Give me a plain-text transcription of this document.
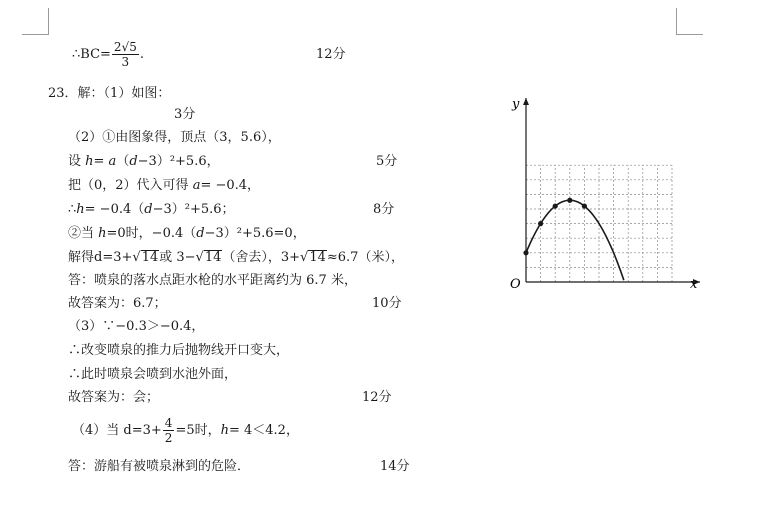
∴BC= $\frac{2√5}{3}$ .	12分
23．解：（1）如图：
3分
（2）①由图象得，顶点（3，5.6），
设 h= a（d−3）²+5.6，	5分
把（0，2）代入可得 a= −0.4，
∴h= −0.4（d−3）²+5.6；	8分
②当 h=0时，−0.4（d−3）²+5.6=0，
解得d=3+√14或 3−√14（舍去），3+√14≈6.7（米），
答：喷泉的落水点距水枪的水平距离约为 6.7 米，
故答案为：6.7；	10分
（3）∵−0.3＞−0.4，
∴改变喷泉的推力后抛物线开口变大，
∴此时喷泉会喷到水池外面，
故答案为：会；	12分
（4）当 $d=3+ \frac{4}{2} =5$时，h= 4＜4.2，
答：游船有被喷泉淋到的危险．	14分
y
x
O
